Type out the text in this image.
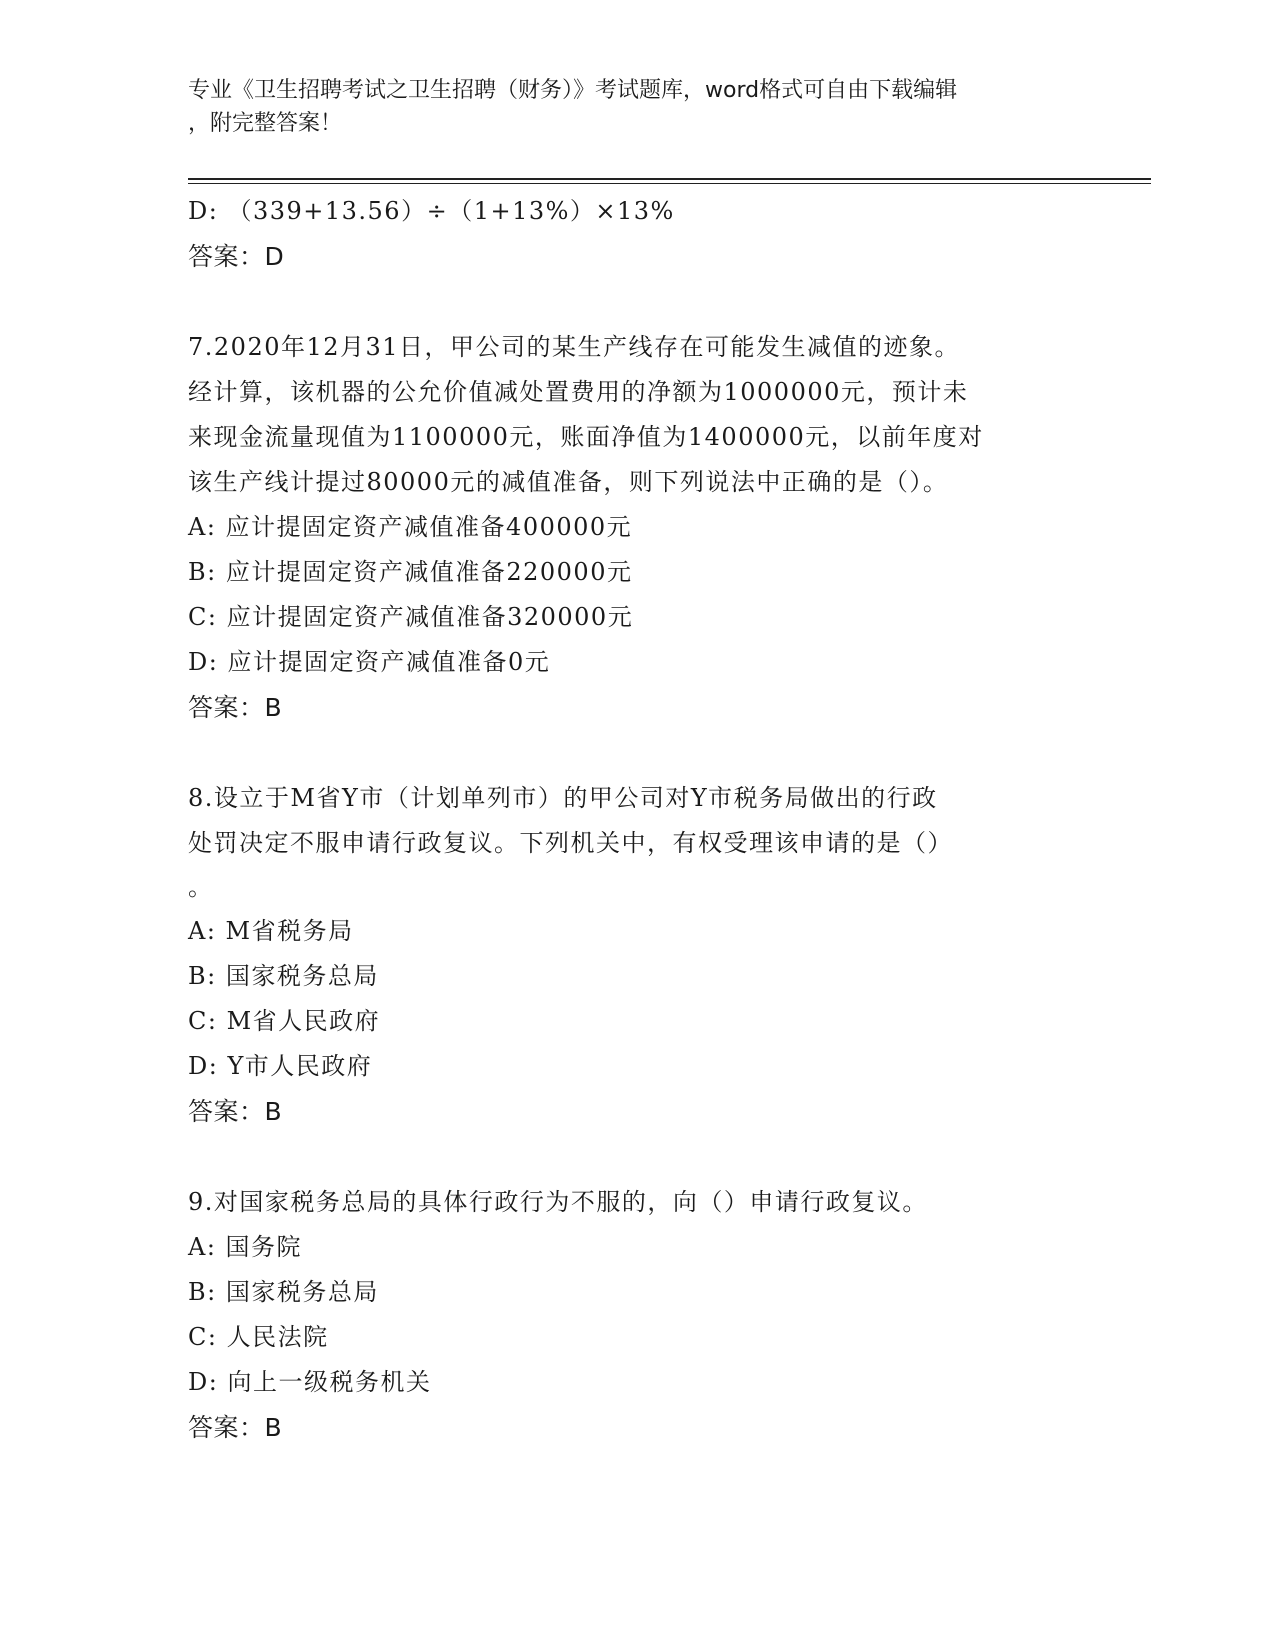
专业《卫生招聘考试之卫生招聘（财务）》考试题库，word格式可自由下载编辑
，附完整答案！
D: （339+13.56）÷（1+13%）×13%
答案：D
7.2020年12月31日，甲公司的某生产线存在可能发生减值的迹象。
经计算，该机器的公允价值减处置费用的净额为1000000元，预计未
来现金流量现值为1100000元，账面净值为1400000元，以前年度对
该生产线计提过80000元的减值准备，则下列说法中正确的是（）。
A: 应计提固定资产减值准备400000元
B: 应计提固定资产减值准备220000元
C: 应计提固定资产减值准备320000元
D: 应计提固定资产减值准备0元
答案：B
8.设立于M省Y市（计划单列市）的甲公司对Y市税务局做出的行政
处罚决定不服申请行政复议。下列机关中，有权受理该申请的是（）
。
A: M省税务局
B: 国家税务总局
C: M省人民政府
D: Y市人民政府
答案：B
9.对国家税务总局的具体行政行为不服的，向（）申请行政复议。
A: 国务院
B: 国家税务总局
C: 人民法院
D: 向上一级税务机关
答案：B
